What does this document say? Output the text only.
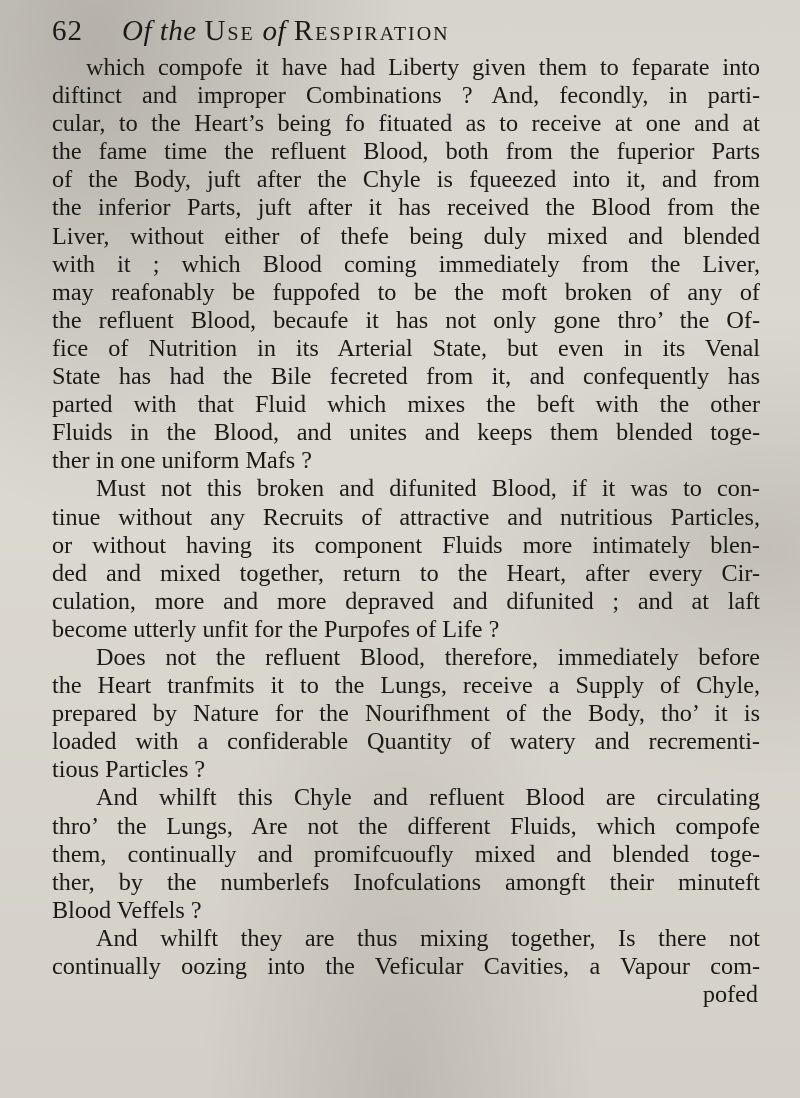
62	Of the Use of Respiration
which compofe it have had Liberty given them to feparate into
diftinct and improper Combinations ? And, fecondly, in parti-
cular, to the Heart’s being fo fituated as to receive at one and at
the fame time the refluent Blood, both from the fuperior Parts
of the Body, juft after the Chyle is fqueezed into it, and from
the inferior Parts, juft after it has received the Blood from the
Liver, without either of thefe being duly mixed and blended
with it ; which Blood coming immediately from the Liver,
may reafonably be fuppofed to be the moft broken of any of
the refluent Blood, becaufe it has not only gone thro’ the Of-
fice of Nutrition in its Arterial State, but even in its Venal
State has had the Bile fecreted from it, and confequently has
parted with that Fluid which mixes the beft with the other
Fluids in the Blood, and unites and keeps them blended toge-
ther in one uniform Mafs ?
Must not this broken and difunited Blood, if it was to con-
tinue without any Recruits of attractive and nutritious Particles,
or without having its component Fluids more intimately blen-
ded and mixed together, return to the Heart, after every Cir-
culation, more and more depraved and difunited ; and at laft
become utterly unfit for the Purpofes of Life ?
Does not the refluent Blood, therefore, immediately before
the Heart tranfmits it to the Lungs, receive a Supply of Chyle,
prepared by Nature for the Nourifhment of the Body, tho’ it is
loaded with a confiderable Quantity of watery and recrementi-
tious Particles ?
And whilft this Chyle and refluent Blood are circulating
thro’ the Lungs, Are not the different Fluids, which compofe
them, continually and promifcuoufly mixed and blended toge-
ther, by the numberlefs Inofculations amongft their minuteft
Blood Veffels ?
And whilft they are thus mixing together, Is there not
continually oozing into the Veficular Cavities, a Vapour com-
pofed
